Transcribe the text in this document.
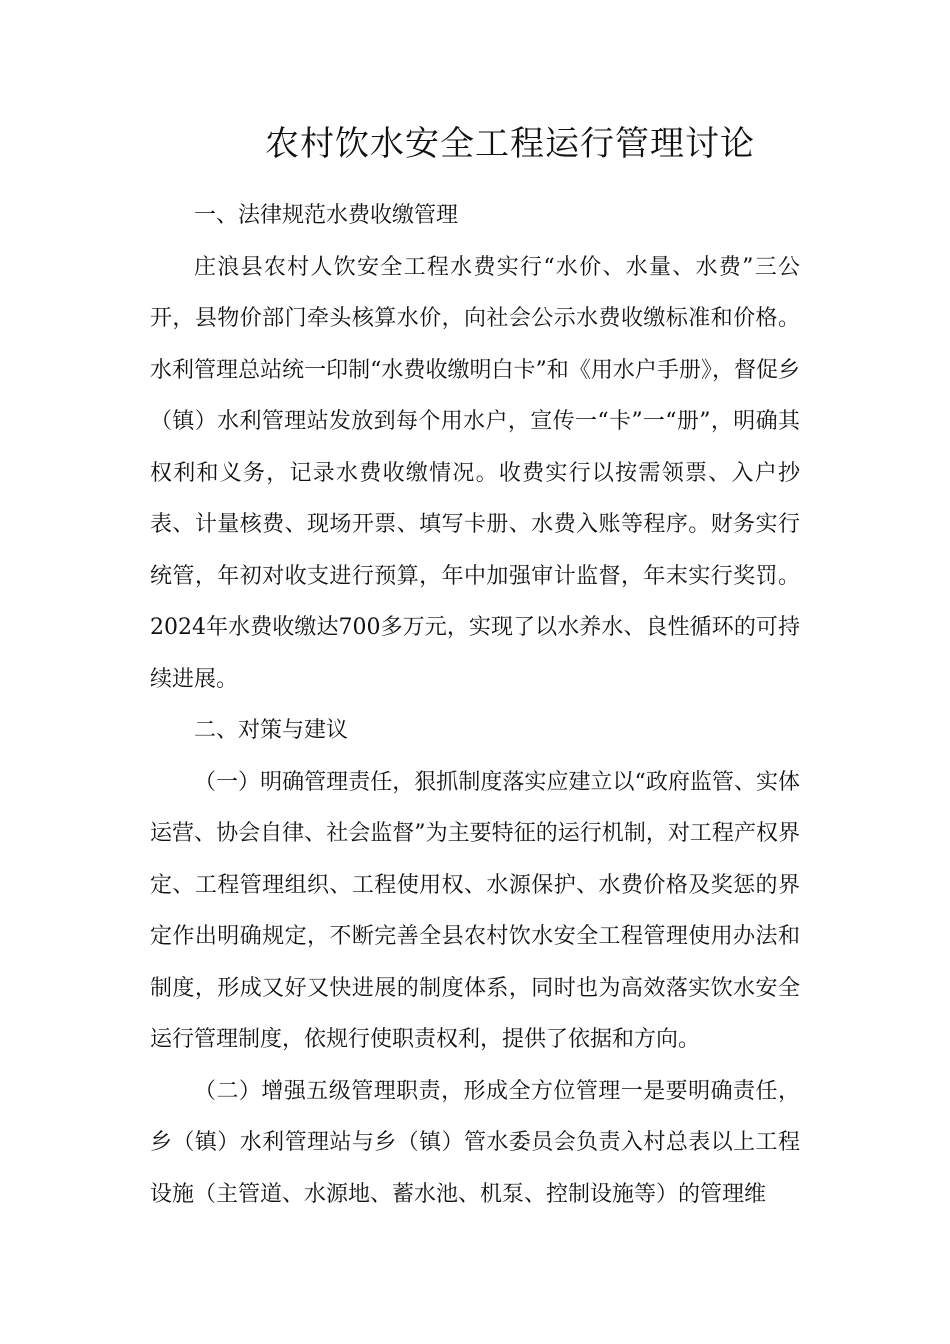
农村饮水安全工程运行管理讨论

一、法律规范水费收缴管理

庄浪县农村人饮安全工程水费实行“水价、水量、水费”三公开，县物价部门牵头核算水价，向社会公示水费收缴标准和价格。水利管理总站统一印制“水费收缴明白卡”和《用水户手册》，督促乡（镇）水利管理站发放到每个用水户，宣传一“卡”一“册”，明确其权利和义务，记录水费收缴情况。收费实行以按需领票、入户抄表、计量核费、现场开票、填写卡册、水费入账等程序。财务实行统管，年初对收支进行预算，年中加强审计监督，年末实行奖罚。2024年水费收缴达700多万元，实现了以水养水、良性循环的可持续进展。

二、对策与建议

（一）明确管理责任，狠抓制度落实应建立以“政府监管、实体运营、协会自律、社会监督”为主要特征的运行机制，对工程产权界定、工程管理组织、工程使用权、水源保护、水费价格及奖惩的界定作出明确规定，不断完善全县农村饮水安全工程管理使用办法和制度，形成又好又快进展的制度体系，同时也为高效落实饮水安全运行管理制度，依规行使职责权利，提供了依据和方向。

（二）增强五级管理职责，形成全方位管理一是要明确责任，乡（镇）水利管理站与乡（镇）管水委员会负责入村总表以上工程设施（主管道、水源地、蓄水池、机泵、控制设施等）的管理维
